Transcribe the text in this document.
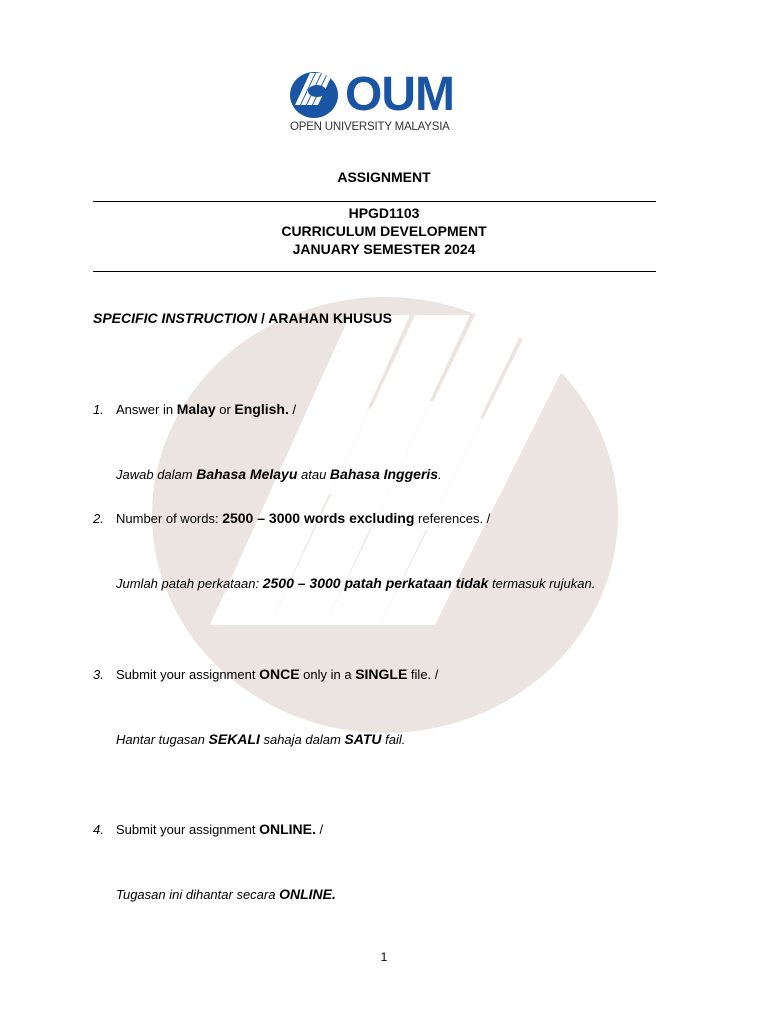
OUM
OPEN UNIVERSITY MALAYSIA
ASSIGNMENT
HPGD1103
CURRICULUM DEVELOPMENT
JANUARY SEMESTER 2024
SPECIFIC INSTRUCTION / ARAHAN KHUSUS
1. Answer in Malay or English. /
Jawab dalam Bahasa Melayu atau Bahasa Inggeris.
2. Number of words: 2500 – 3000 words excluding references. /
Jumlah patah perkataan: 2500 – 3000 patah perkataan tidak termasuk rujukan.
3. Submit your assignment ONCE only in a SINGLE file. /
Hantar tugasan SEKALI sahaja dalam SATU fail.
4. Submit your assignment ONLINE. /
Tugasan ini dihantar secara ONLINE.
1
